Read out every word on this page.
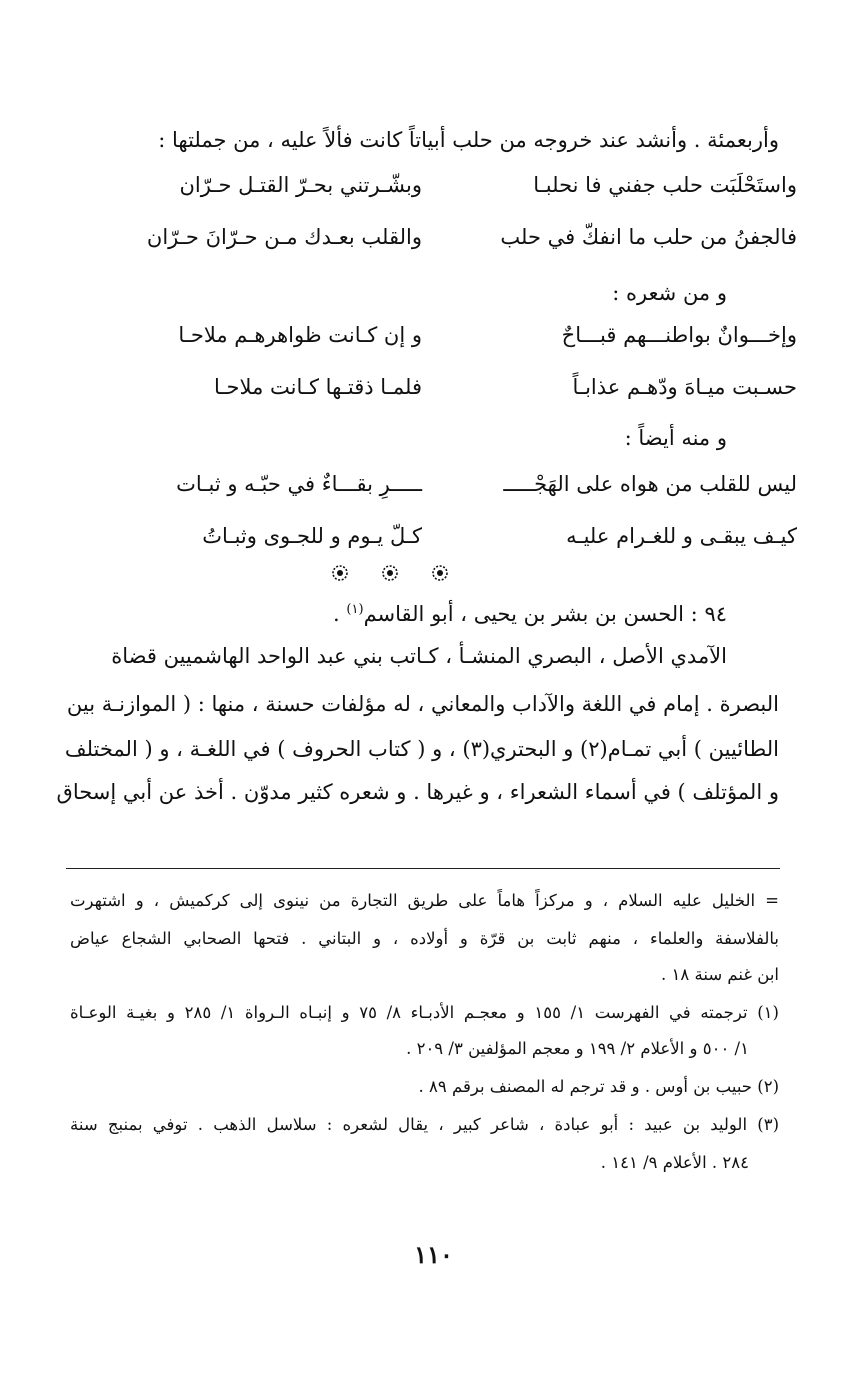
وأربعمئة . وأنشد عند خروجه من حلب أبياتاً كانت فألاً عليه ، من جملتها :
واستَحْلَبَت حلب جفني فا نحلبـا
وبشّـرتني بحـرّ القتـل حـرّان
فالجفنُ من حلب ما انفكّ في حلب
والقلب بعـدك مـن حـرّانَ حـرّان
و من شعره :
وإخـــوانٌ بواطنـــهم قبـــاحٌ
و إن كـانت ظواهرهـم ملاحـا
حسـبت ميـاهَ ودّهـم عذابـاً
فلمـا ذقتـها كـانت ملاحـا
و منه أيضاً :
ليس للقلب من هواه على الهَجْـــــ
ـــــرِ بقـــاءٌ في حبّـه و ثبـات
كيـف يبقـى و للغـرام عليـه
كـلّ يـوم و للجـوى وثبـاتُ
٩٤ : الحسن بن بشر بن يحيى ، أبو القاسم$^{(١)}$ .
الآمدي الأصل ، البصري المنشـأ ، كـاتب بني عبد الواحد الهاشميين قضاة
البصرة . إمام في اللغة والآداب والمعاني ، له مؤلفات حسنة ، منها : ( الموازنـة بين
الطائيين ) أبي تمـام(٢) و البحتري(٣) ، و ( كتاب الحروف ) في اللغـة ، و ( المختلف
و المؤتلف ) في أسماء الشعراء ، و غيرها . و شعره كثير مدوّن . أخذ عن أبي إسحاق
= الخليل عليه السلام ، و مركزاً هاماً على طريق التجارة من نينوى إلى كركميش ، و اشتهرت
بالفلاسفة والعلماء ، منهم ثابت بن قرّة و أولاده ، و البتاني . فتحها الصحابي الشجاع عياض
ابن غنم سنة ١٨ .
(١) ترجمته في الفهرست ١/ ١٥٥ و معجـم الأدبـاء ٨/ ٧٥ و إنبـاه الـرواة ١/ ٢٨٥ و بغيـة الوعـاة
١/ ٥٠٠ و الأعلام ٢/ ١٩٩ و معجم المؤلفين ٣/ ٢٠٩ .
(٢) حبيب بن أوس . و قد ترجم له المصنف برقم ٨٩ .
(٣) الوليد بن عبيد : أبو عبادة ، شاعر كبير ، يقال لشعره : سلاسل الذهب . توفي بمنبج سنة
٢٨٤ . الأعلام ٩/ ١٤١ .
١١٠
